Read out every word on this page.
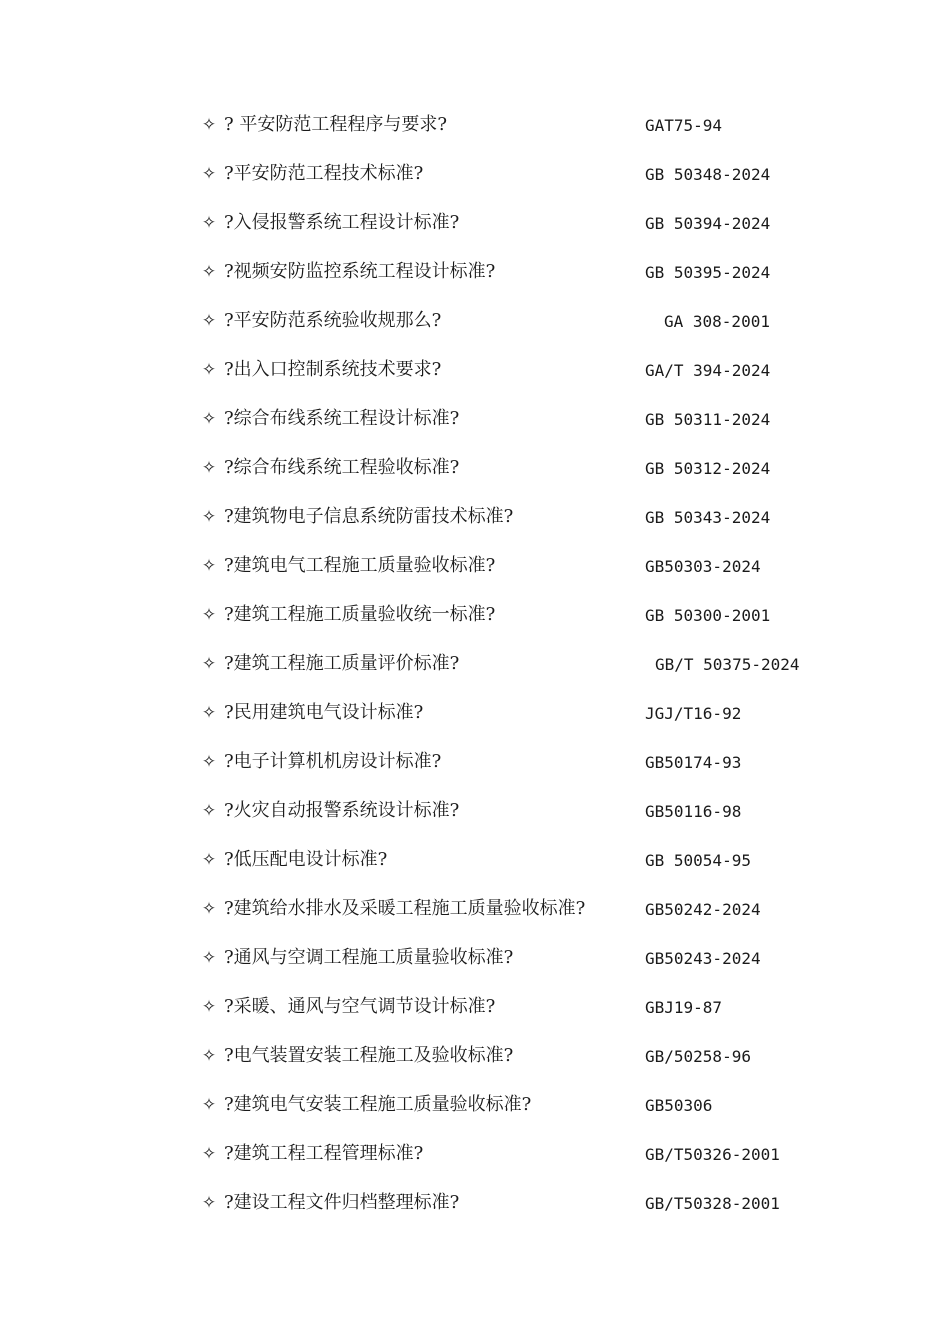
✧ ? 平安防范工程程序与要求?	GAT75-94
✧ ?平安防范工程技术标准?	GB 50348-2024
✧ ?入侵报警系统工程设计标准?	GB 50394-2024
✧ ?视频安防监控系统工程设计标准?	GB 50395-2024
✧ ?平安防范系统验收规那么?	GA 308-2001
✧ ?出入口控制系统技术要求?	GA/T 394-2024
✧ ?综合布线系统工程设计标准?	GB 50311-2024
✧ ?综合布线系统工程验收标准?	GB 50312-2024
✧ ?建筑物电子信息系统防雷技术标准?	GB 50343-2024
✧ ?建筑电气工程施工质量验收标准?	GB50303-2024
✧ ?建筑工程施工质量验收统一标准?	GB 50300-2001
✧ ?建筑工程施工质量评价标准?	GB/T 50375-2024
✧ ?民用建筑电气设计标准?	JGJ/T16-92
✧ ?电子计算机机房设计标准?	GB50174-93
✧ ?火灾自动报警系统设计标准?	GB50116-98
✧ ?低压配电设计标准?	GB 50054-95
✧ ?建筑给水排水及采暖工程施工质量验收标准?	GB50242-2024
✧ ?通风与空调工程施工质量验收标准?	GB50243-2024
✧ ?采暖、通风与空气调节设计标准?	GBJ19-87
✧ ?电气装置安装工程施工及验收标准?	GB/50258-96
✧ ?建筑电气安装工程施工质量验收标准?	GB50306
✧ ?建筑工程工程管理标准?	GB/T50326-2001
✧ ?建设工程文件归档整理标准?	GB/T50328-2001
